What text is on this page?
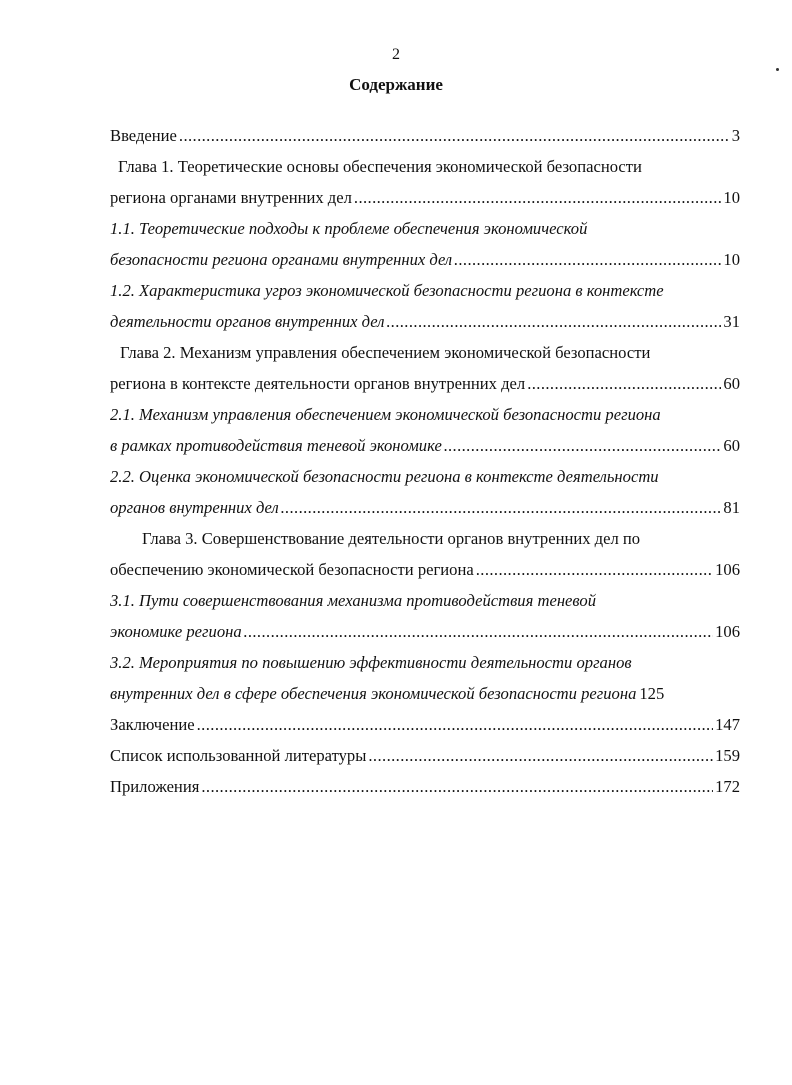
2
Содержание
Введение .....	3
Глава 1. Теоретические основы обеспечения экономической безопасности
региона органами внутренних дел .....	10
1.1. Теоретические подходы к проблеме обеспечения экономической
безопасности региона органами внутренних дел .....	10
1.2. Характеристика угроз экономической безопасности региона в контексте
деятельности органов внутренних дел .....	31
Глава 2. Механизм управления обеспечением экономической безопасности
региона в контексте деятельности органов внутренних дел .....	60
2.1. Механизм управления обеспечением экономической безопасности региона
в рамках противодействия теневой экономике .....	60
2.2. Оценка экономической безопасности региона в контексте деятельности
органов внутренних дел .....	81
Глава 3. Совершенствование деятельности органов внутренних дел по
обеспечению экономической безопасности региона .....	106
3.1. Пути совершенствования механизма противодействия теневой
экономике региона .....	106
3.2. Мероприятия по повышению эффективности деятельности органов
внутренних дел в сфере обеспечения экономической безопасности региона 125
Заключение .....	147
Список использованной литературы .....	159
Приложения .....	172
